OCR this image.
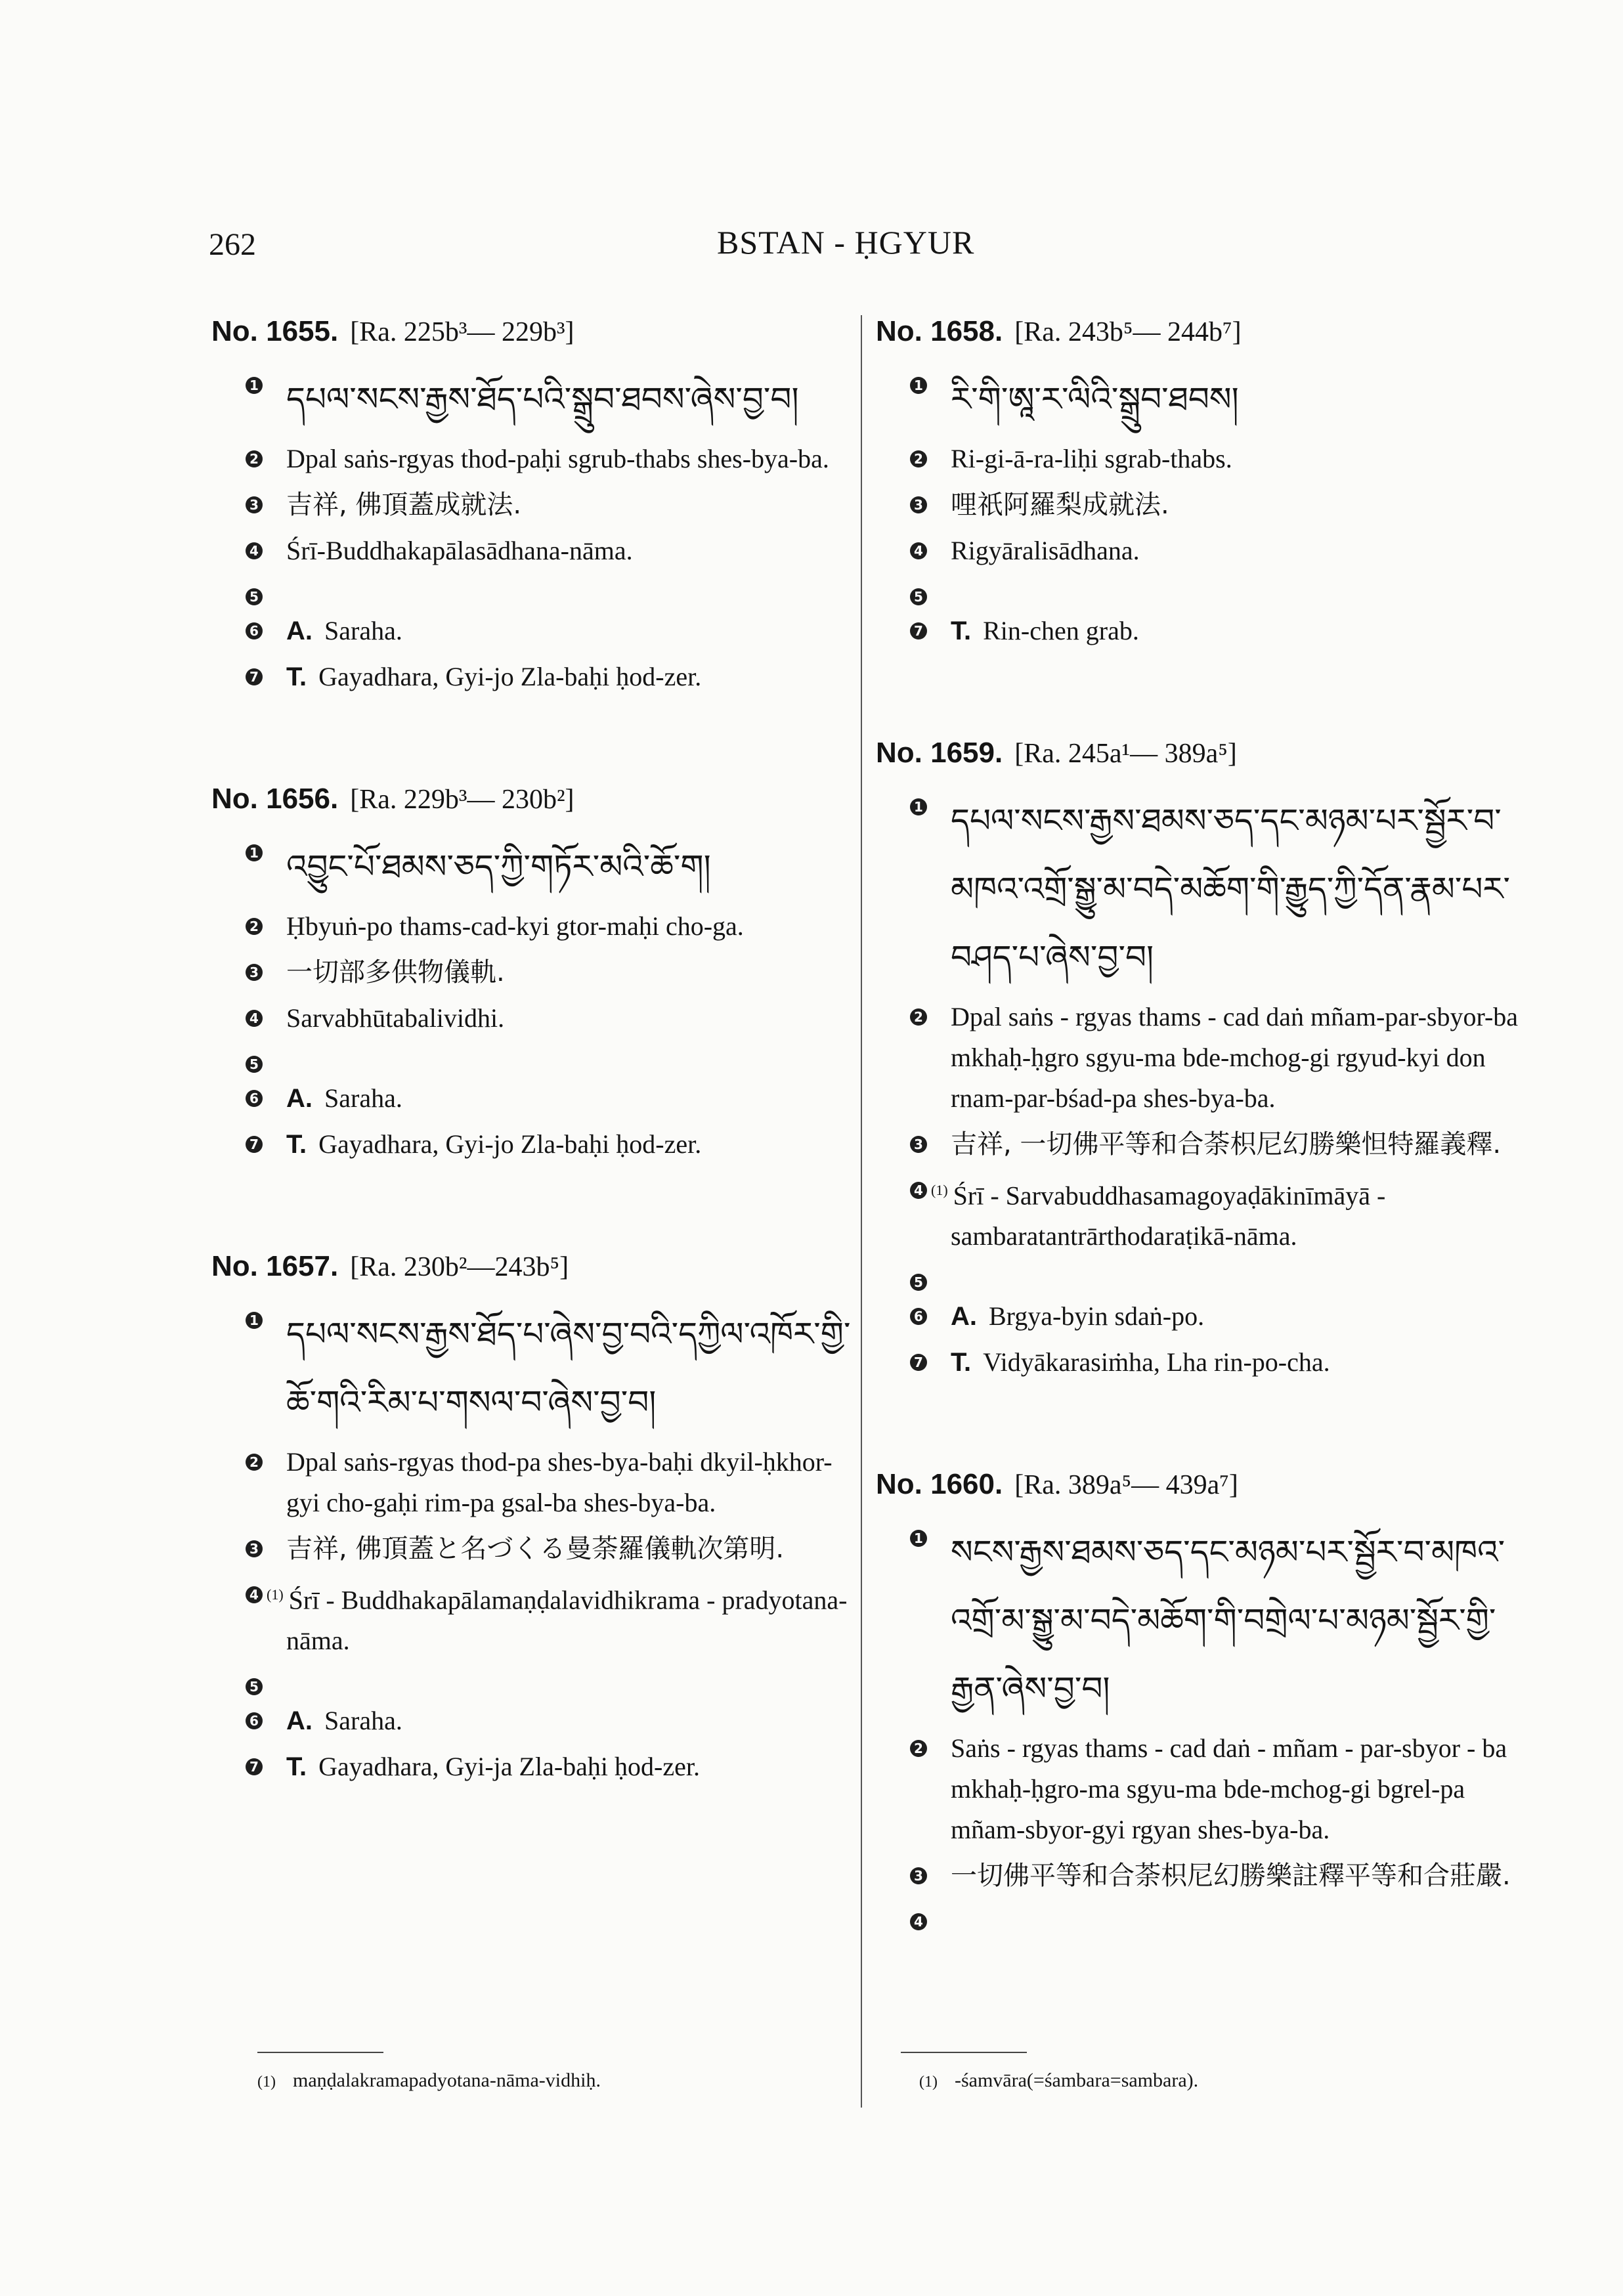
262	BSTAN - ḤGYUR
No. 1655. [Ra. 225b³— 229b³]
1 དཔལ་སངས་རྒྱས་ཐོད་པའི་སྒྲུབ་ཐབས་ཞེས་བྱ་བ།
2 Dpal saṅs-rgyas thod-paḥi sgrub-thabs shes-bya-ba.
3 吉祥, 佛頂蓋成就法.
4 Śrī-Buddhakapālasādhana-nāma.
5
6 A. Saraha.
7 T. Gayadhara, Gyi-jo Zla-baḥi ḥod-zer.
No. 1656. [Ra. 229b³— 230b²]
1 འབྱུང་པོ་ཐམས་ཅད་ཀྱི་གཏོར་མའི་ཆོ་ག།
2 Ḥbyuṅ-po thams-cad-kyi gtor-maḥi cho-ga.
3 一切部多供物儀軌.
4 Sarvabhūtabalividhi.
5
6 A. Saraha.
7 T. Gayadhara, Gyi-jo Zla-baḥi ḥod-zer.
No. 1657. [Ra. 230b²—243b⁵]
1 དཔལ་སངས་རྒྱས་ཐོད་པ་ཞེས་བྱ་བའི་དཀྱིལ་འཁོར་གྱི་ཆོ་གའི་རིམ་པ་གསལ་བ་ཞེས་བྱ་བ།
2 Dpal saṅs-rgyas thod-pa shes-bya-baḥi dkyil-ḥkhor-gyi cho-gaḥi rim-pa gsal-ba shes-bya-ba.
3 吉祥, 佛頂蓋と名づくる曼荼羅儀軌次第明.
4 $^{(1)}$ Śrī - Buddhakapālamaṇḍalavidhikrama - pradyotana-nāma.
5
6 A. Saraha.
7 T. Gayadhara, Gyi-ja Zla-baḥi ḥod-zer.
No. 1658. [Ra. 243b⁵— 244b⁷]
1 རི་གི་ཨཱ་ར་ལིའི་སྒྲུབ་ཐབས།
2 Ri-gi-ā-ra-liḥi sgrab-thabs.
3 哩祇阿羅梨成就法.
4 Rigyāralisādhana.
5
7 T. Rin-chen grab.
No. 1659. [Ra. 245a¹— 389a⁵]
1 དཔལ་སངས་རྒྱས་ཐམས་ཅད་དང་མཉམ་པར་སྦྱོར་བ་མཁའ་འགྲོ་སྒྱུ་མ་བདེ་མཆོག་གི་རྒྱུད་ཀྱི་དོན་རྣམ་པར་བཤད་པ་ཞེས་བྱ་བ།
2 Dpal saṅs - rgyas thams - cad daṅ mñam-par-sbyor-ba mkhaḥ-ḥgro sgyu-ma bde-mchog-gi rgyud-kyi don rnam-par-bśad-pa shes-bya-ba.
3 吉祥, 一切佛平等和合荼枳尼幻勝樂怛特羅義釋.
4 $^{(1)}$ Śrī - Sarvabuddhasamagoyaḍākinīmāyā - sambaratantrārthodaraṭikā-nāma.
5
6 A. Brgya-byin sdaṅ-po.
7 T. Vidyākarasiṁha, Lha rin-po-cha.
No. 1660. [Ra. 389a⁵— 439a⁷]
1 སངས་རྒྱས་ཐམས་ཅད་དང་མཉམ་པར་སྦྱོར་བ་མཁའ་འགྲོ་མ་སྒྱུ་མ་བདེ་མཆོག་གི་བགྲེལ་པ་མཉམ་སྦྱོར་གྱི་རྒྱན་ཞེས་བྱ་བ།
2 Saṅs - rgyas thams - cad daṅ - mñam - par-sbyor - ba mkhaḥ-ḥgro-ma sgyu-ma bde-mchog-gi bgrel-pa mñam-sbyor-gyi rgyan shes-bya-ba.
3 一切佛平等和合荼枳尼幻勝樂註釋平等和合莊嚴.
4
(1) maṇḍalakramapadyotana-nāma-vidhiḥ.	(1) -śamvāra(=śambara=sambara).
